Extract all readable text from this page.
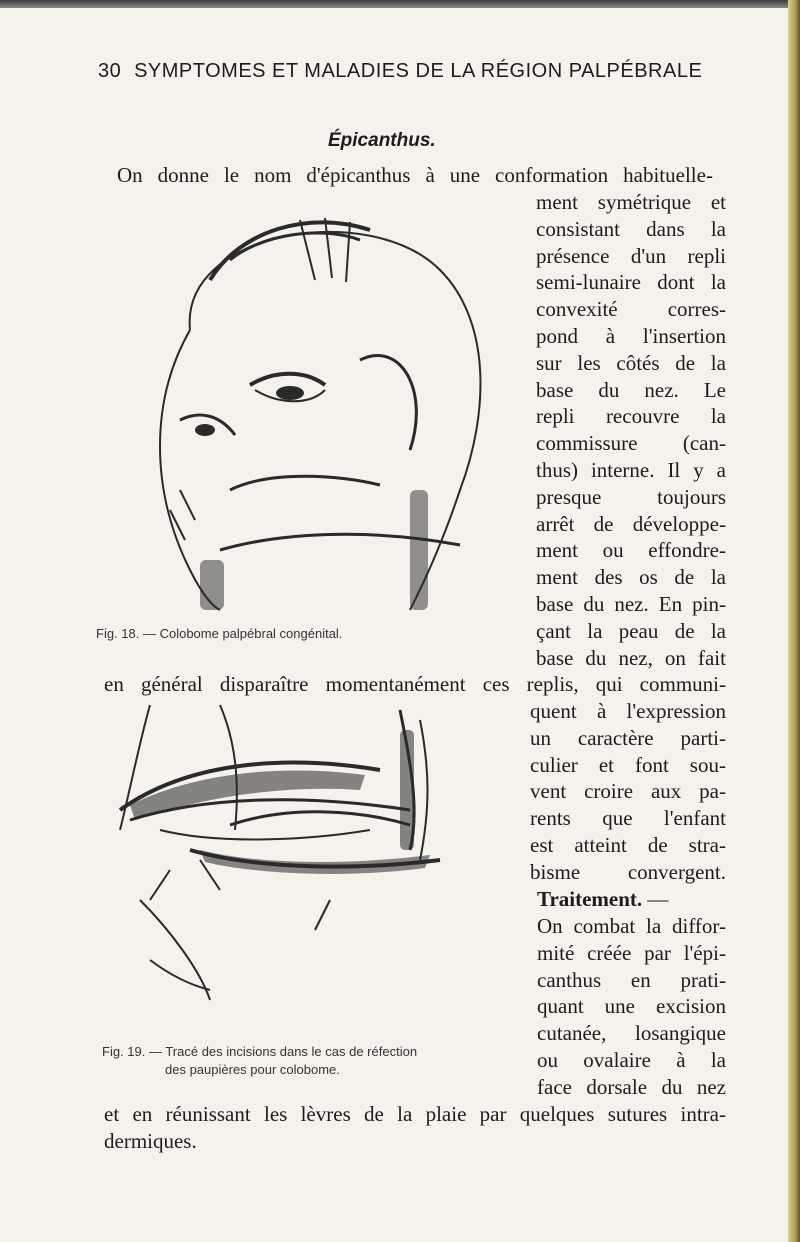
30 SYMPTOMES ET MALADIES DE LA RÉGION PALPÉBRALE
Épicanthus.
On donne le nom d'épicanthus à une conformation habituelle-
ment symétrique et
consistant dans la
présence d'un repli
semi-lunaire dont la
convexité corres-
pond à l'insertion
sur les côtés de la
base du nez. Le
repli recouvre la
commissure (can-
thus) interne. Il y a
presque	toujours
arrêt de développe-
ment ou effondre-
ment des os de la
base du nez. En pin-
çant la peau de la
base du nez, on fait
en général disparaître momentanément ces replis, qui communi-
quent à l'expression
un caractère parti-
culier et font sou-
vent croire aux pa-
rents que l'enfant
est atteint de stra-
bisme convergent.
Traitement. —
On combat la diffor-
mité créée par l'épi-
canthus en prati-
quant une excision
cutanée, losangique
ou ovalaire à la
face dorsale du nez
et en réunissant les lèvres de la plaie par quelques sutures intra-
dermiques.
Fig. 18. — Colobome palpébral congénital.
Fig. 19. — Tracé des incisions dans le cas de réfection
des paupières pour colobome.
